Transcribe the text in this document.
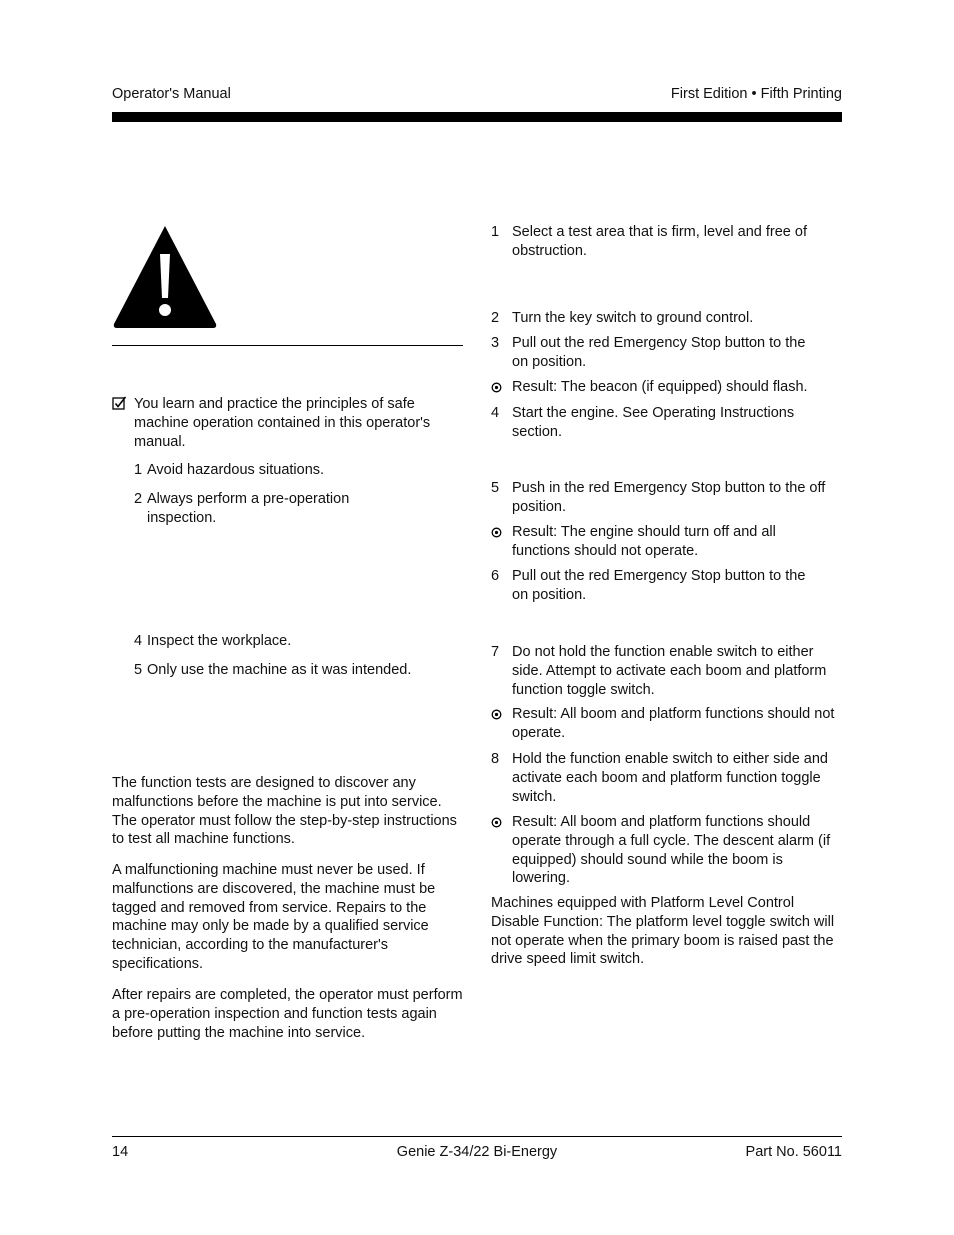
Operator's Manual	First Edition • Fifth Printing
You learn and practice the principles of safe machine operation contained in this operator's manual.
1 Avoid hazardous situations.
2 Always perform a pre-operation inspection.
4 Inspect the workplace.
5 Only use the machine as it was intended.
The function tests are designed to discover any malfunctions before the machine is put into service. The operator must follow the step-by-step instructions to test all machine functions.
A malfunctioning machine must never be used. If malfunctions are discovered, the machine must be tagged and removed from service. Repairs to the machine may only be made by a qualified service technician, according to the manufacturer's specifications.
After repairs are completed, the operator must perform a pre-operation inspection and function tests again before putting the machine into service.
1 Select a test area that is firm, level and free of obstruction.
2 Turn the key switch to ground control.
3 Pull out the red Emergency Stop button to the on position.
Result: The beacon (if equipped) should flash.
4 Start the engine. See Operating Instructions section.
5 Push in the red Emergency Stop button to the off position.
Result: The engine should turn off and all functions should not operate.
6 Pull out the red Emergency Stop button to the on position.
7 Do not hold the function enable switch to either side. Attempt to activate each boom and platform function toggle switch.
Result: All boom and platform functions should not operate.
8 Hold the function enable switch to either side and activate each boom and platform function toggle switch.
Result: All boom and platform functions should operate through a full cycle. The descent alarm (if equipped) should sound while the boom is lowering.
Machines equipped with Platform Level Control Disable Function: The platform level toggle switch will not operate when the primary boom is raised past the drive speed limit switch.
14	Genie Z-34/22 Bi-Energy	Part No. 56011
